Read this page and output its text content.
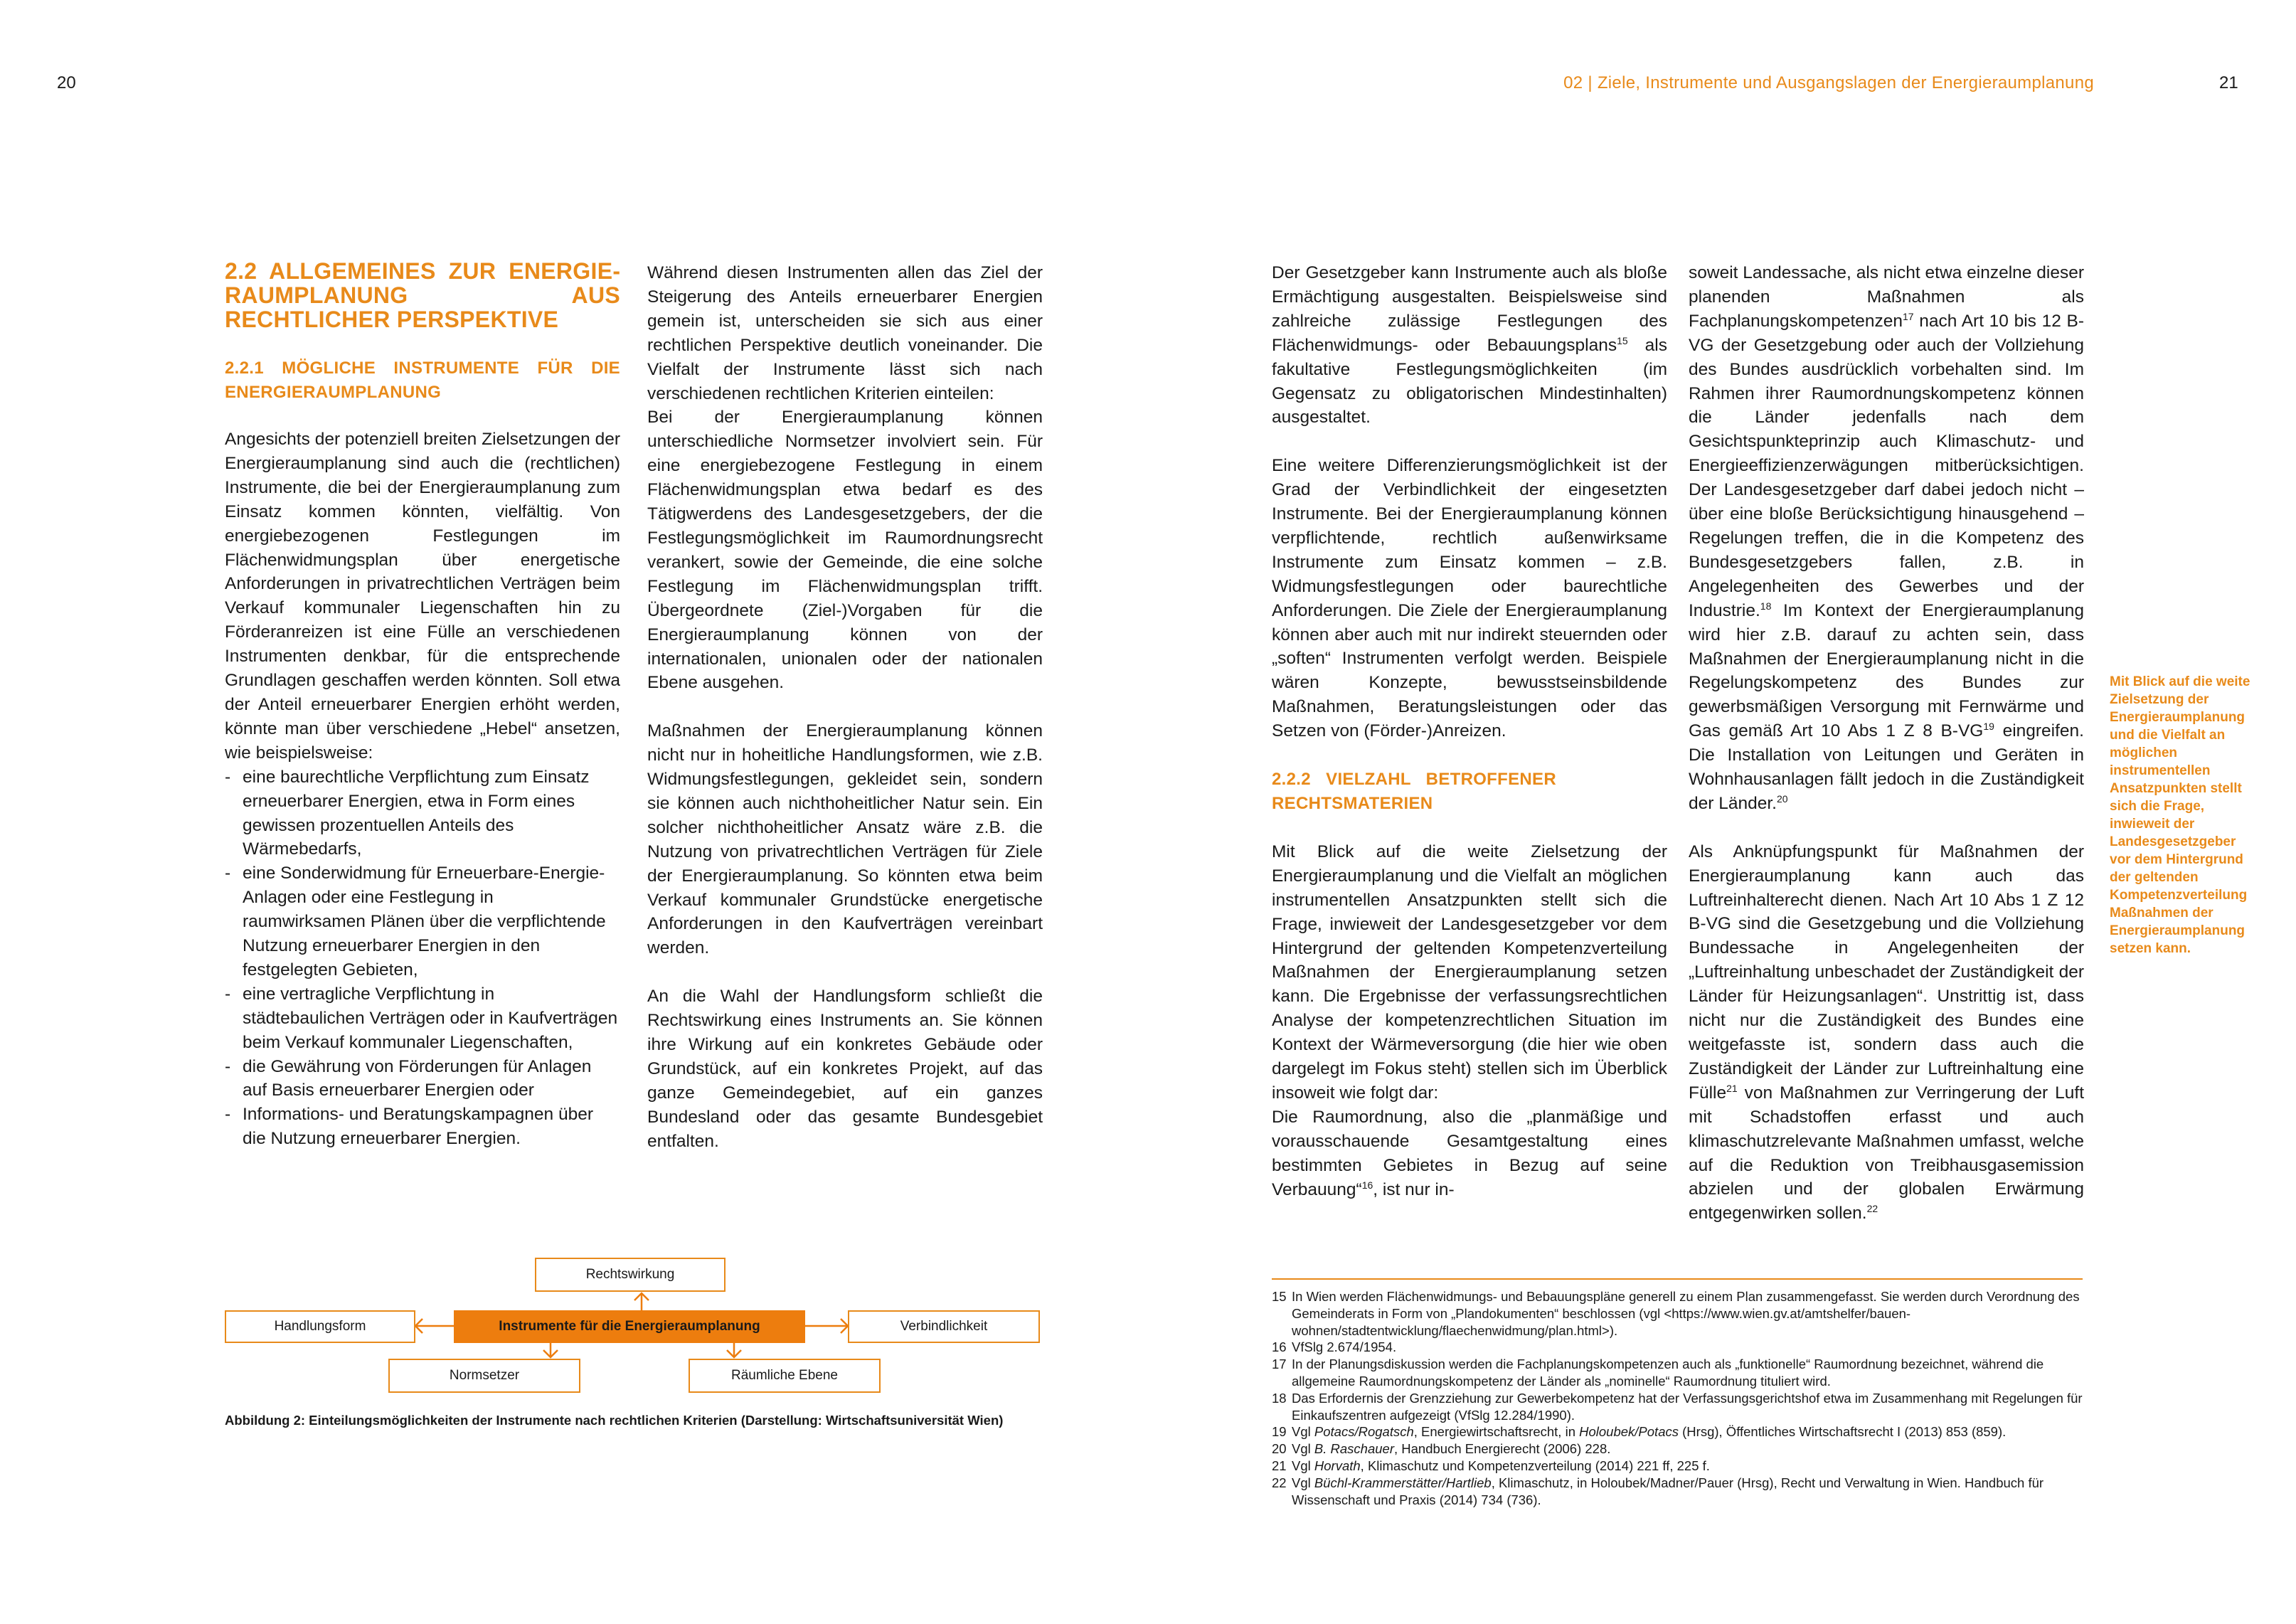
20	02 | Ziele, Instrumente und Ausgangslagen der Energieraumplanung	21

2.2 ALLGEMEINES ZUR ENERGIERAUMPLANUNG AUS RECHTLICHER PERSPEKTIVE

2.2.1 MÖGLICHE INSTRUMENTE FÜR DIE ENERGIERAUMPLANUNG

Angesichts der potenziell breiten Zielsetzungen der Energieraumplanung sind auch die (rechtlichen) Instrumente, die bei der Energieraumplanung zum Einsatz kommen könnten, vielfältig. Von energiebezogenen Festlegungen im Flächenwidmungsplan über energetische Anforderungen in privatrechtlichen Verträgen beim Verkauf kommunaler Liegenschaften hin zu Förderanreizen ist eine Fülle an verschiedenen Instrumenten denkbar, für die entsprechende Grundlagen geschaffen werden könnten. Soll etwa der Anteil erneuerbarer Energien erhöht werden, könnte man über verschiedene „Hebel“ ansetzen, wie beispielsweise:

- eine baurechtliche Verpflichtung zum Einsatz erneuerbarer Energien, etwa in Form eines gewissen prozentuellen Anteils des Wärmebedarfs,
- eine Sonderwidmung für Erneuerbare-Energie-Anlagen oder eine Festlegung in raumwirksamen Plänen über die verpflichtende Nutzung erneuerbarer Energien in den festgelegten Gebieten,
- eine vertragliche Verpflichtung in städtebaulichen Verträgen oder in Kaufverträgen beim Verkauf kommunaler Liegenschaften,
- die Gewährung von Förderungen für Anlagen auf Basis erneuerbarer Energien oder
- Informations- und Beratungskampagnen über die Nutzung erneuerbarer Energien.

Während diesen Instrumenten allen das Ziel der Steigerung des Anteils erneuerbarer Energien gemein ist, unterscheiden sie sich aus einer rechtlichen Perspektive deutlich voneinander. Die Vielfalt der Instrumente lässt sich nach verschiedenen rechtlichen Kriterien einteilen:

Bei der Energieraumplanung können unterschiedliche Normsetzer involviert sein. Für eine energiebezogene Festlegung in einem Flächenwidmungsplan etwa bedarf es des Tätigwerdens des Landesgesetzgebers, der die Festlegungsmöglichkeit im Raumordnungsrecht verankert, sowie der Gemeinde, die eine solche Festlegung im Flächenwidmungsplan trifft. Übergeordnete (Ziel-)Vorgaben für die Energieraumplanung können von der internationalen, unionalen oder der nationalen Ebene ausgehen.

Maßnahmen der Energieraumplanung können nicht nur in hoheitliche Handlungsformen, wie z.B. Widmungsfestlegungen, gekleidet sein, sondern sie können auch nichthoheitlicher Natur sein. Ein solcher nichthoheitlicher Ansatz wäre z.B. die Nutzung von privatrechtlichen Verträgen für Ziele der Energieraumplanung. So könnten etwa beim Verkauf kommunaler Grundstücke energetische Anforderungen in den Kaufverträgen vereinbart werden.

An die Wahl der Handlungsform schließt die Rechtswirkung eines Instruments an. Sie können ihre Wirkung auf ein konkretes Gebäude oder Grundstück, auf ein konkretes Projekt, auf das ganze Gemeindegebiet, auf ein ganzes Bundesland oder das gesamte Bundesgebiet entfalten.

Rechtswirkung
Handlungsform	Instrumente für die Energieraumplanung	Verbindlichkeit
Normsetzer	Räumliche Ebene
Abbildung 2: Einteilungsmöglichkeiten der Instrumente nach rechtlichen Kriterien (Darstellung: Wirtschaftsuniversität Wien)

Der Gesetzgeber kann Instrumente auch als bloße Ermächtigung ausgestalten. Beispielsweise sind zahlreiche zulässige Festlegungen des Flächenwidmungs- oder Bebauungsplans$^{15}$ als fakultative Festlegungsmöglichkeiten (im Gegensatz zu obligatorischen Mindestinhalten) ausgestaltet.

Eine weitere Differenzierungsmöglichkeit ist der Grad der Verbindlichkeit der eingesetzten Instrumente. Bei der Energieraumplanung können verpflichtende, rechtlich außenwirksame Instrumente zum Einsatz kommen – z.B. Widmungsfestlegungen oder baurechtliche Anforderungen. Die Ziele der Energieraumplanung können aber auch mit nur indirekt steuernden oder „soften“ Instrumenten verfolgt werden. Beispiele wären Konzepte, bewusstseinsbildende Maßnahmen, Beratungsleistungen oder das Setzen von (Förder-)Anreizen.

2.2.2 VIELZAHL BETROFFENER RECHTSMATERIEN

Mit Blick auf die weite Zielsetzung der Energieraumplanung und die Vielfalt an möglichen instrumentellen Ansatzpunkten stellt sich die Frage, inwieweit der Landesgesetzgeber vor dem Hintergrund der geltenden Kompetenzverteilung Maßnahmen der Energieraumplanung setzen kann. Die Ergebnisse der verfassungsrechtlichen Analyse der kompetenzrechtlichen Situation im Kontext der Wärmeversorgung (die hier wie oben dargelegt im Fokus steht) stellen sich im Überblick insoweit wie folgt dar:

Die Raumordnung, also die „planmäßige und vorausschauende Gesamtgestaltung eines bestimmten Gebietes in Bezug auf seine Verbauung“$^{16}$, ist nur in-

soweit Landessache, als nicht etwa einzelne dieser planenden Maßnahmen als Fachplanungskompetenzen$^{17}$ nach Art 10 bis 12 B-VG der Gesetzgebung oder auch der Vollziehung des Bundes ausdrücklich vorbehalten sind. Im Rahmen ihrer Raumordnungskompetenz können die Länder jedenfalls nach dem Gesichtspunkteprinzip auch Klimaschutz- und Energieeffizienzerwägungen mitberücksichtigen. Der Landesgesetzgeber darf dabei jedoch nicht – über eine bloße Berücksichtigung hinausgehend – Regelungen treffen, die in die Kompetenz des Bundesgesetzgebers fallen, z.B. in Angelegenheiten des Gewerbes und der Industrie.$^{18}$ Im Kontext der Energieraumplanung wird hier z.B. darauf zu achten sein, dass Maßnahmen der Energieraumplanung nicht in die Regelungskompetenz des Bundes zur gewerbsmäßigen Versorgung mit Fernwärme und Gas gemäß Art 10 Abs 1 Z 8 B-VG$^{19}$ eingreifen. Die Installation von Leitungen und Geräten in Wohnhausanlagen fällt jedoch in die Zuständigkeit der Länder.$^{20}$

Als Anknüpfungspunkt für Maßnahmen der Energieraumplanung kann auch das Luftreinhalterecht dienen. Nach Art 10 Abs 1 Z 12 B-VG sind die Gesetzgebung und die Vollziehung Bundessache in Angelegenheiten der „Luftreinhaltung unbeschadet der Zuständigkeit der Länder für Heizungsanlagen“. Unstrittig ist, dass nicht nur die Zuständigkeit des Bundes eine weitgefasste ist, sondern dass auch die Zuständigkeit der Länder zur Luftreinhaltung eine Fülle$^{21}$ von Maßnahmen zur Verringerung der Luft mit Schadstoffen erfasst und auch klimaschutzrelevante Maßnahmen umfasst, welche auf die Reduktion von Treibhausgasemission abzielen und der globalen Erwärmung entgegenwirken sollen.$^{22}$

Mit Blick auf die weite Zielsetzung der Energieraumplanung und die Vielfalt an möglichen instrumentellen Ansatzpunkten stellt sich die Frage, inwieweit der Landesgesetzgeber vor dem Hintergrund der geltenden Kompetenzverteilung Maßnahmen der Energieraumplanung setzen kann.
15 In Wien werden Flächenwidmungs- und Bebauungspläne generell zu einem Plan zusammengefasst. Sie werden durch Verordnung des Gemeinderats in Form von „Plandokumenten“ beschlossen (vgl <https://www.wien.gv.at/amtshelfer/bauen-wohnen/stadtentwicklung/flaechenwidmung/plan.html>).
16 VfSlg 2.674/1954.
17 In der Planungsdiskussion werden die Fachplanungskompetenzen auch als „funktionelle“ Raumordnung bezeichnet, während die allgemeine Raumordnungskompetenz der Länder als „nominelle“ Raumordnung tituliert wird.
18 Das Erfordernis der Grenzziehung zur Gewerbekompetenz hat der Verfassungsgerichtshof etwa im Zusammenhang mit Regelungen für Einkaufszentren aufgezeigt (VfSlg 12.284/1990).
19 Vgl Potacs/Rogatsch, Energiewirtschaftsrecht, in Holoubek/Potacs (Hrsg), Öffentliches Wirtschaftsrecht I (2013) 853 (859).
20 Vgl B. Raschauer, Handbuch Energierecht (2006) 228.
21 Vgl Horvath, Klimaschutz und Kompetenzverteilung (2014) 221 ff, 225 f.
22 Vgl Büchl-Krammerstätter/Hartlieb, Klimaschutz, in Holoubek/Madner/Pauer (Hrsg), Recht und Verwaltung in Wien. Handbuch für Wissenschaft und Praxis (2014) 734 (736).
